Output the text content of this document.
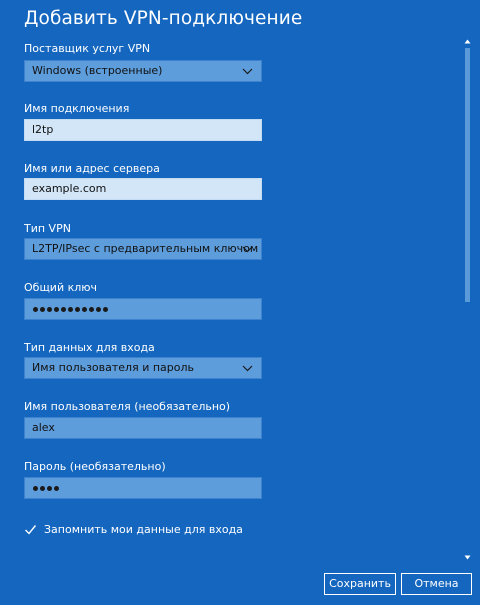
Добавить VPN-подключение
Поставщик услуг VPN
Windows (встроенные)
Имя подключения
l2tp
Имя или адрес сервера
example.com
Тип VPN
L2TP/IPsec с предварительным ключом
Общий ключ
Тип данных для входа
Имя пользователя и пароль
Имя пользователя (необязательно)
alex
Пароль (необязательно)
Запомнить мои данные для входа
Сохранить	Отмена
